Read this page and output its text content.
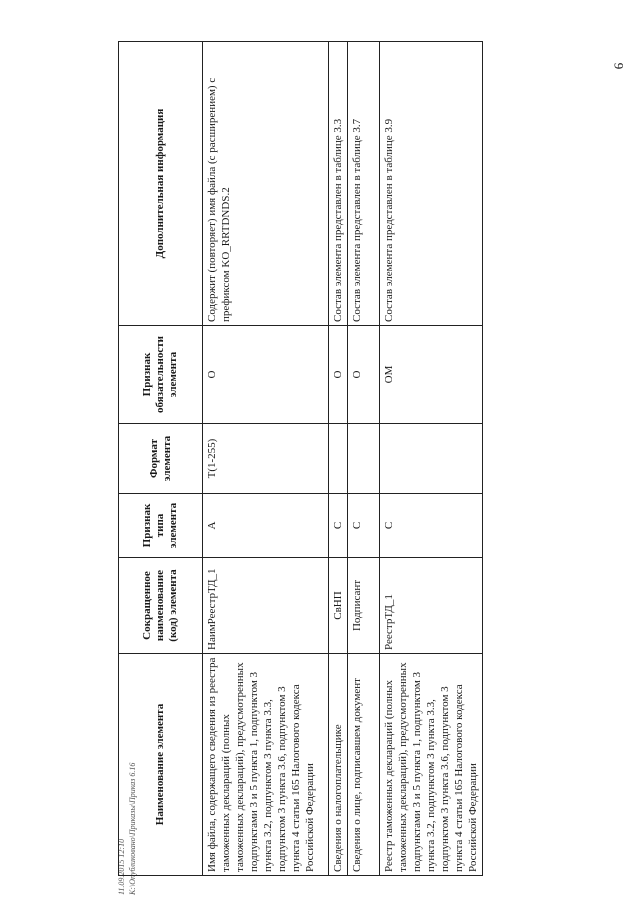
9
11.09.2015 12:10 К:\Опубликовано\Приказы\Приказ 6.16 Наименование элемента	Сокращенное наименование (код) элемента	Признак типа элемента	Формат элемента	Признак обязательности элемента	Дополнительная информация
Имя файла, содержащего сведения из реестра таможенных деклараций (полных таможенных деклараций), предусмотренных подпунктами 3 и 5 пункта 1, подпунктом 3 пункта 3.2, подпунктом 3 пункта 3.3, подпунктом 3 пункта 3.6, подпунктом 3 пункта 4 статьи 165 Налогового кодекса Российской Федерации	НаимРеестрТД_1	А	T(1-255)	О	Содержит (повторяет) имя файла (с расширением) с префиксом KO_RRTDNDS.2
Сведения о налогоплательщике	СвНП	С		О	Состав элемента представлен в таблице 3.3
Сведения о лице, подписавшем документ	Подписант	С		О	Состав элемента представлен в таблице 3.7
Реестр таможенных деклараций (полных таможенных деклараций), предусмотренных подпунктами 3 и 5 пункта 1, подпунктом 3 пункта 3.2, подпунктом 3 пункта 3.3, подпунктом 3 пункта 3.6, подпунктом 3 пункта 4 статьи 165 Налогового кодекса Российской Федерации	РеестрТД_1	С		ОМ	Состав элемента представлен в таблице 3.9
